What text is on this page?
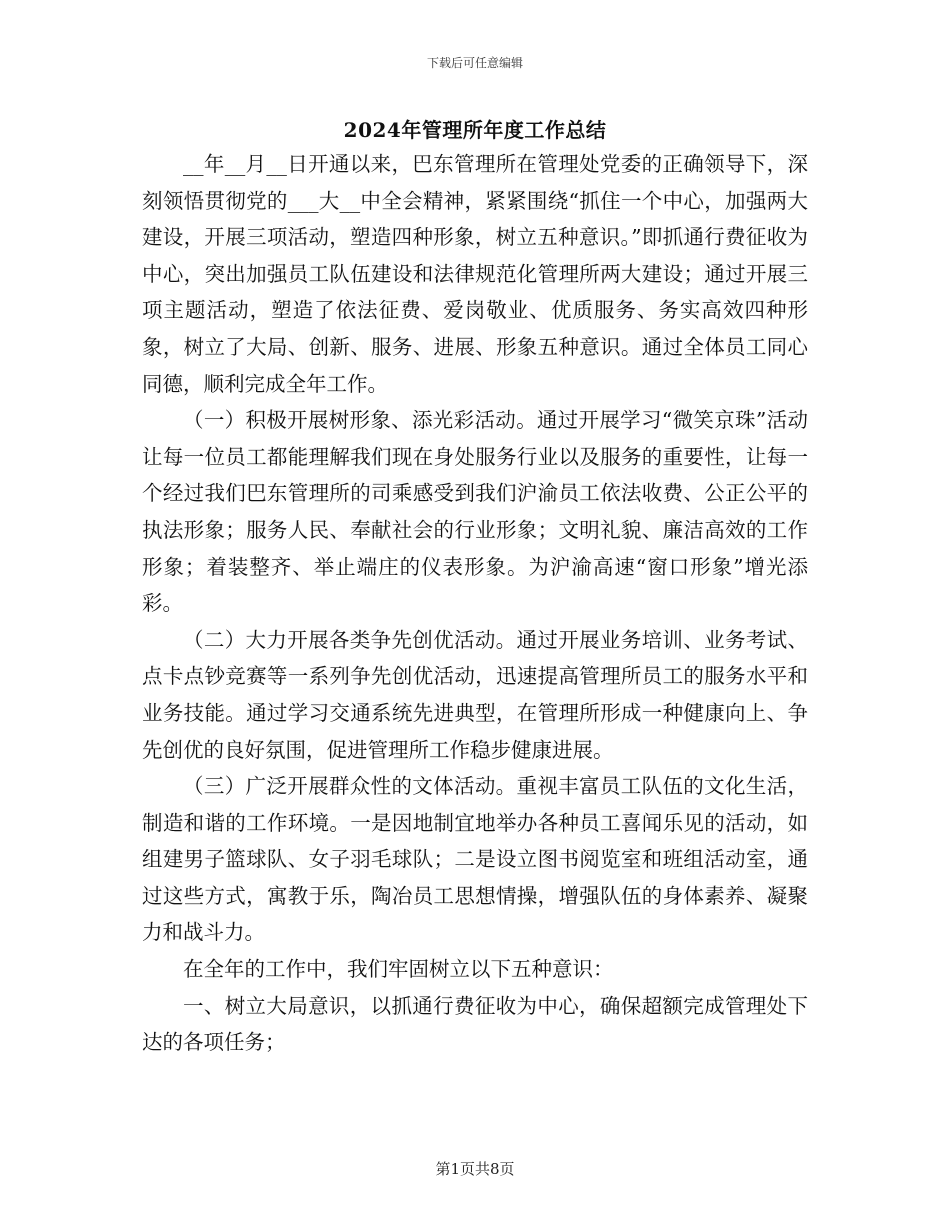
下载后可任意编辑
2024年管理所年度工作总结

__年__月__日开通以来，巴东管理所在管理处党委的正确领导下，深刻领悟贯彻党的___大__中全会精神，紧紧围绕“抓住一个中心，加强两大建设，开展三项活动，塑造四种形象，树立五种意识。”即抓通行费征收为中心，突出加强员工队伍建设和法律规范化管理所两大建设；通过开展三项主题活动，塑造了依法征费、爱岗敬业、优质服务、务实高效四种形象，树立了大局、创新、服务、进展、形象五种意识。通过全体员工同心同德，顺利完成全年工作。

（一）积极开展树形象、添光彩活动。通过开展学习“微笑京珠”活动让每一位员工都能理解我们现在身处服务行业以及服务的重要性，让每一个经过我们巴东管理所的司乘感受到我们沪渝员工依法收费、公正公平的执法形象；服务人民、奉献社会的行业形象；文明礼貌、廉洁高效的工作形象；着装整齐、举止端庄的仪表形象。为沪渝高速“窗口形象”增光添彩。

（二）大力开展各类争先创优活动。通过开展业务培训、业务考试、点卡点钞竞赛等一系列争先创优活动，迅速提高管理所员工的服务水平和业务技能。通过学习交通系统先进典型，在管理所形成一种健康向上、争先创优的良好氛围，促进管理所工作稳步健康进展。

（三）广泛开展群众性的文体活动。重视丰富员工队伍的文化生活，制造和谐的工作环境。一是因地制宜地举办各种员工喜闻乐见的活动，如组建男子篮球队、女子羽毛球队；二是设立图书阅览室和班组活动室，通过这些方式，寓教于乐，陶冶员工思想情操，增强队伍的身体素养、凝聚力和战斗力。

在全年的工作中，我们牢固树立以下五种意识：

一、树立大局意识，以抓通行费征收为中心，确保超额完成管理处下达的各项任务；

第1页共8页
